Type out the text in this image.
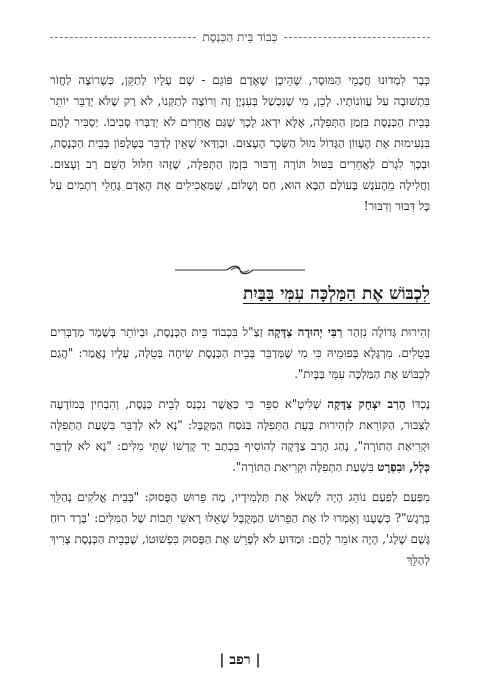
כְּבוֹד בֵּית הַכְּנֶסֶת

כְּבָר לִמְדוּנוּ חֲכָמֵי הַמּוּסָר, שֶׁהֵיכָן שֶׁאָדָם פּוֹגֵם - שָׁם עָלָיו לְתַקֵּן, כְּשֶׁרוֹצֶה לַחֲזֹר בִּתְשׁוּבָה עַל עֲווֹנוֹתָיו. לָכֵן, מִי שֶׁנִּכְשַׁל בְּעִנְיָן זֶה וְרוֹצֶה לְתַקְּנוֹ, לֹא רַק שֶׁלֹּא יְדַבֵּר יוֹתֵר בְּבֵית הַכְּנֶסֶת בִּזְמַן הַתְּפִלָּה, אֶלָּא יִדְאַג לְכָךְ שֶׁגַּם אֲחֵרִים לֹא יְדַבְּרוּ סְבִיבוֹ. יַסְבִּיר לָהֶם בִּנְעִימוּת אֶת הֶעָווֹן הַגָּדוֹל מוּל הַשָּׂכָר הָעָצוּם. וּבְוַדַּאי שֶׁאֵין לְדַבֵּר בַּטֶּלֶפוֹן בְּבֵית הַכְּנֶסֶת, וּבְכָךְ לִגְרֹם לַאֲחֵרִים בִּטּוּל תּוֹרָה וְדִבּוּר בִּזְמַן הַתְּפִלָּה, שֶׁזֶּהוּ חִלּוּל הַשֵּׁם רַב וְעָצוּם. וַחֲלִילָה מֵהָעֹנֶשׁ בָּעוֹלָם הַבָּא הוּא, חַס וְשָׁלוֹם, שֶׁמַּאֲכִילִים אֶת הָאָדָם גֶּחָלֵי רְתָמִים עַל כָּל דִּבּוּר וְדִבּוּר!

לִכְבּוֹשׁ אֶת הַמַּלְכָּה עִמִּי בַּבַּיִת

זְהִירוּת גְּדוֹלָה נִזְהַר רַבִּי יְהוּדָה צַדָּקָה זַצַ"ל בִּכְבוֹד בֵּית הַכְּנֶסֶת, וּבְיוֹתֵר בְּשֶׁמֶר מְדַבְּרִים בְּטֵלִים. מִרְגָּלָא בְּפוּמֵיהּ כִּי מִי שֶׁמְּדַבֵּר בְּבֵית הַכְּנֶסֶת שִׂיחָה בְּטֵלָה, עָלָיו נֶאֱמַר: "הֲגַם לִכְבּוֹשׁ אֶת הַמַּלְכָּה עִמִּי בַּבָּיִת".

נֶכְדּוֹ הָרַב יִצְחָק צַדָּקָה שְׁלִיטָ"א סִפֵּר כִּי כַּאֲשֶׁר נִכְנַס לְבֵית כְּנֶסֶת, וְהִבְחִין בְּמוֹדָעָה לַצִּבּוּר, הַקּוֹרֵאת לִזְהִירוּת בְּעֵת הַתְּפִלָּה בַּנֹּסַח הַמְּקֻבָּל: "נָא לֹא לְדַבֵּר בִּשְׁעַת הַתְּפִלָּה וּקְרִיאַת הַתּוֹרָה", נָהַג הָרַב צַדָּקָה לְהוֹסִיף בִּכְתַב יַד קָדְשׁוֹ שְׁתֵּי מִלִּים: "נָא לֹא לְדַבֵּר כְּלָל, וּבִפְרָט בִּשְׁעַת הַתְּפִלָּה וּקְרִיאַת הַתּוֹרָה".

מִפַּעַם לְפַעַם נוֹהֵג הָיָה לִשְׁאֹל אֶת תַּלְמִידָיו, מָה פֵּרוּשׁ הַפָּסוּק: "בְּבֵית אֱלֹקִים נְהַלֵּךְ בְּרָגֶשׁ"? כְּשֶׁעָנוּ וְאָמְרוּ לוֹ אֶת הַפֵּרוּשׁ הַמְּקֻבָּל שֶׁאֵלּוּ רָאשֵׁי תֵּבוֹת שֶׁל הַמִּלִּים: 'בָּרָד רוּחַ גֶּשֶׁם שֶׁלֶג', הָיָה אוֹמֵר לָהֶם: וּמַדּוּעַ לֹא לְפָרֵשׁ אֶת הַפָּסוּק כִּפְשׁוּטוֹ, שֶׁבְּבֵית הַכְּנֶסֶת צָרִיךְ לְהַלֵּךְ

| רפב |
